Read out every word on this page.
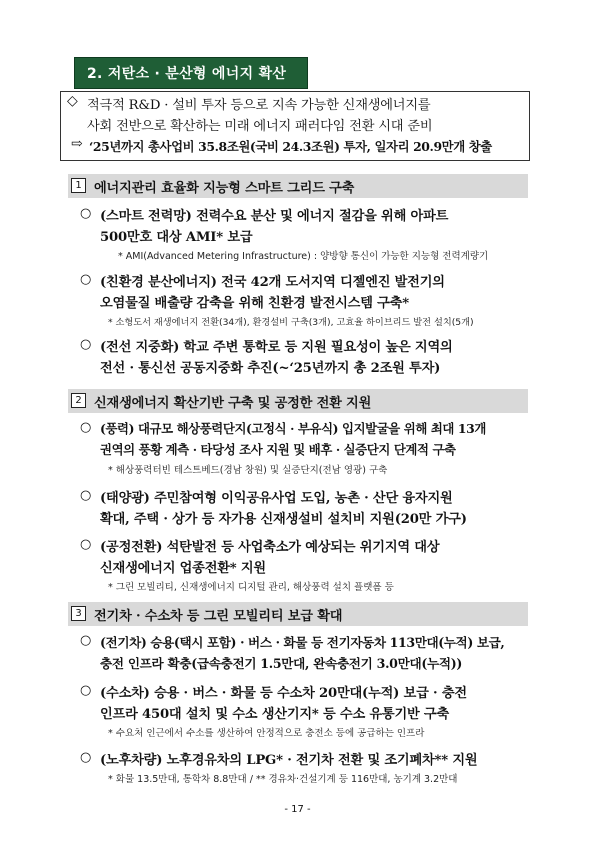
2. 저탄소 · 분산형 에너지 확산
◇ 적극적 R&D · 설비 투자 등으로 지속 가능한 신재생에너지를
사회 전반으로 확산하는 미래 에너지 패러다임 전환 시대 준비
⇨ ‘25년까지 총사업비 35.8조원(국비 24.3조원) 투자, 일자리 20.9만개 창출
1 에너지관리 효율화 지능형 스마트 그리드 구축
○ (스마트 전력망) 전력수요 분산 및 에너지 절감을 위해 아파트
500만호 대상 AMI* 보급
* AMI(Advanced Metering Infrastructure) : 양방향 통신이 가능한 지능형 전력계량기
○ (친환경 분산에너지) 전국 42개 도서지역 디젤엔진 발전기의
오염물질 배출량 감축을 위해 친환경 발전시스템 구축*
* 소형도서 재생에너지 전환(34개), 환경설비 구축(3개), 고효율 하이브리드 발전 설치(5개)
○ (전선 지중화) 학교 주변 통학로 등 지원 필요성이 높은 지역의
전선 · 통신선 공동지중화 추진(~‘25년까지 총 2조원 투자)
2 신재생에너지 확산기반 구축 및 공정한 전환 지원
○ (풍력) 대규모 해상풍력단지(고정식 · 부유식) 입지발굴을 위해 최대 13개
권역의 풍황 계측 · 타당성 조사 지원 및 배후 · 실증단지 단계적 구축
* 해상풍력터빈 테스트베드(경남 창원) 및 실증단지(전남 영광) 구축
○ (태양광) 주민참여형 이익공유사업 도입, 농촌 · 산단 융자지원
확대, 주택 · 상가 등 자가용 신재생설비 설치비 지원(20만 가구)
○ (공정전환) 석탄발전 등 사업축소가 예상되는 위기지역 대상
신재생에너지 업종전환* 지원
* 그린 모빌리티, 신재생에너지 디지털 관리, 해상풍력 설치 플랫폼 등
3 전기차 · 수소차 등 그린 모빌리티 보급 확대
○ (전기차) 승용(택시 포함) · 버스 · 화물 등 전기자동차 113만대(누적) 보급,
충전 인프라 확충(급속충전기 1.5만대, 완속충전기 3.0만대(누적))
○ (수소차) 승용 · 버스 · 화물 등 수소차 20만대(누적) 보급 · 충전
인프라 450대 설치 및 수소 생산기지* 등 수소 유통기반 구축
* 수요처 인근에서 수소를 생산하여 안정적으로 충전소 등에 공급하는 인프라
○ (노후차량) 노후경유차의 LPG* · 전기차 전환 및 조기폐차** 지원
* 화물 13.5만대, 통학차 8.8만대 / ** 경유차·건설기계 등 116만대, 농기계 3.2만대
- 17 -
